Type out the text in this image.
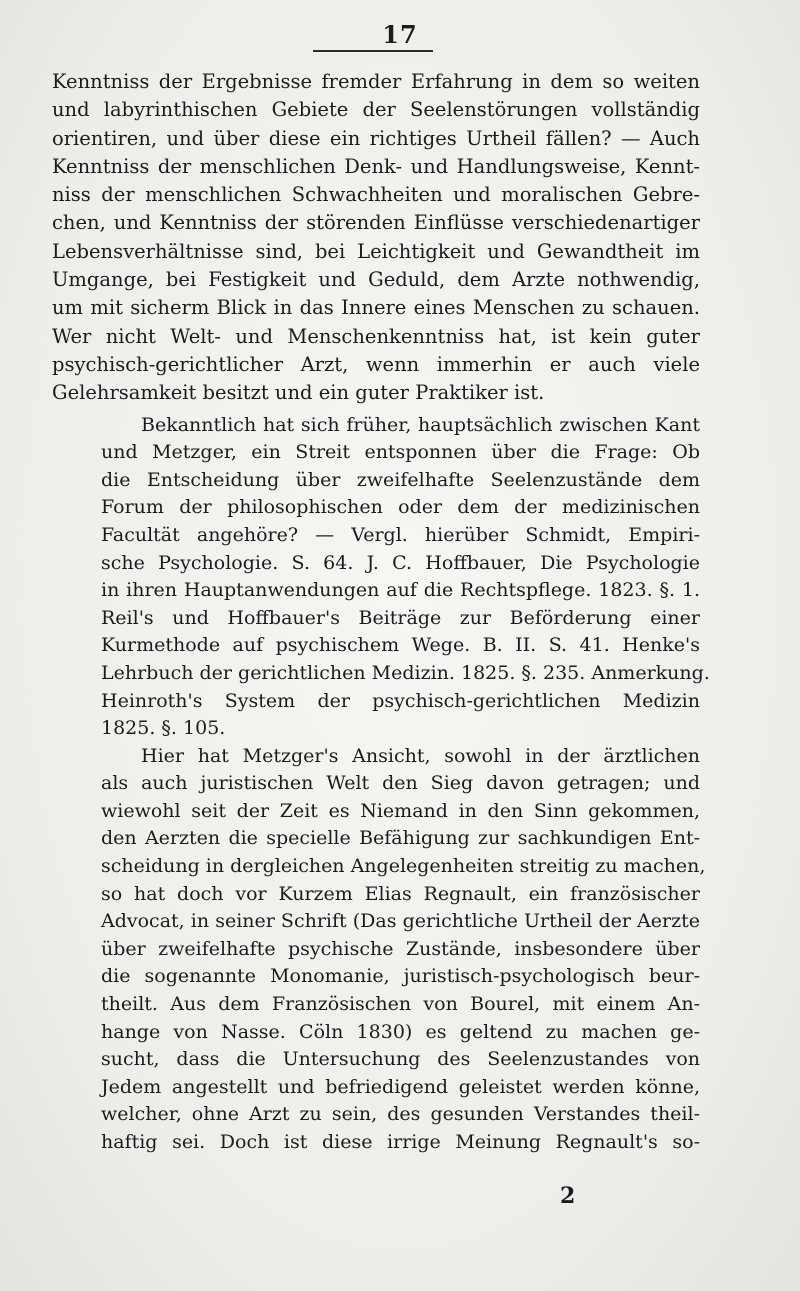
17
Kenntniss der Ergebnisse fremder Erfahrung in dem so weiten
und labyrinthischen Gebiete der Seelenstörungen vollständig
orientiren, und über diese ein richtiges Urtheil fällen? — Auch
Kenntniss der menschlichen Denk- und Handlungsweise, Kennt-
niss der menschlichen Schwachheiten und moralischen Gebre-
chen, und Kenntniss der störenden Einflüsse verschiedenartiger
Lebensverhältnisse sind, bei Leichtigkeit und Gewandtheit im
Umgange, bei Festigkeit und Geduld, dem Arzte nothwendig,
um mit sicherm Blick in das Innere eines Menschen zu schauen.
Wer nicht Welt- und Menschenkenntniss hat, ist kein guter
psychisch-gerichtlicher Arzt, wenn immerhin er auch viele
Gelehrsamkeit besitzt und ein guter Praktiker ist.
Bekanntlich hat sich früher, hauptsächlich zwischen Kant
und Metzger, ein Streit entsponnen über die Frage: Ob
die Entscheidung über zweifelhafte Seelenzustände dem
Forum der philosophischen oder dem der medizinischen
Facultät angehöre? — Vergl. hierüber Schmidt, Empiri-
sche Psychologie. S. 64. J. C. Hoffbauer, Die Psychologie
in ihren Hauptanwendungen auf die Rechtspflege. 1823. §. 1.
Reil's und Hoffbauer's Beiträge zur Beförderung einer
Kurmethode auf psychischem Wege. B. II. S. 41. Henke's
Lehrbuch der gerichtlichen Medizin. 1825. §. 235. Anmerkung.
Heinroth's System der psychisch-gerichtlichen Medizin
1825. §. 105.
Hier hat Metzger's Ansicht, sowohl in der ärztlichen
als auch juristischen Welt den Sieg davon getragen; und
wiewohl seit der Zeit es Niemand in den Sinn gekommen,
den Aerzten die specielle Befähigung zur sachkundigen Ent-
scheidung in dergleichen Angelegenheiten streitig zu machen,
so hat doch vor Kurzem Elias Regnault, ein französischer
Advocat, in seiner Schrift (Das gerichtliche Urtheil der Aerzte
über zweifelhafte psychische Zustände, insbesondere über
die sogenannte Monomanie, juristisch-psychologisch beur-
theilt. Aus dem Französischen von Bourel, mit einem An-
hange von Nasse. Cöln 1830) es geltend zu machen ge-
sucht, dass die Untersuchung des Seelenzustandes von
Jedem angestellt und befriedigend geleistet werden könne,
welcher, ohne Arzt zu sein, des gesunden Verstandes theil-
haftig sei. Doch ist diese irrige Meinung Regnault's so-
2
